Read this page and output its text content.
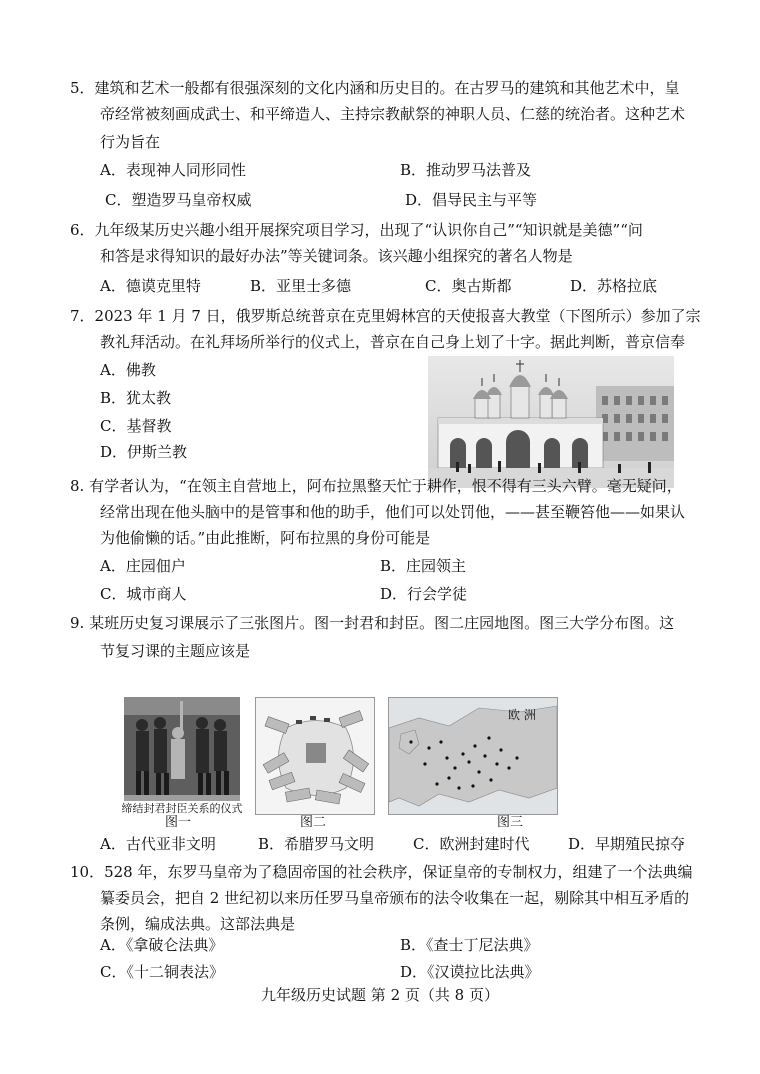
5．建筑和艺术一般都有很强深刻的文化内涵和历史目的。在古罗马的建筑和其他艺术中，皇
帝经常被刻画成武士、和平缔造人、主持宗教献祭的神职人员、仁慈的统治者。这种艺术
行为旨在
A．表现神人同形同性	B．推动罗马法普及
C．塑造罗马皇帝权威	D．倡导民主与平等
6．九年级某历史兴趣小组开展探究项目学习，出现了“认识你自己”“知识就是美德”“问
和答是求得知识的最好办法”等关键词条。该兴趣小组探究的著名人物是
A．德谟克里特	B．亚里士多德	C．奥古斯都	D．苏格拉底
7．2023 年 1 月 7 日，俄罗斯总统普京在克里姆林宫的天使报喜大教堂（下图所示）参加了宗
教礼拜活动。在礼拜场所举行的仪式上，普京在自己身上划了十字。据此判断，普京信奉
A．佛教
B．犹太教
C．基督教
D．伊斯兰教
8. 有学者认为，“在领主自营地上，阿布拉黑整天忙于耕作，恨不得有三头六臂。毫无疑问，
经常出现在他头脑中的是管事和他的助手，他们可以处罚他，——甚至鞭笞他——如果认
为他偷懒的话。”由此推断，阿布拉黑的身份可能是
A．庄园佃户	B．庄园领主
C．城市商人	D．行会学徒
9. 某班历史复习课展示了三张图片。图一封君和封臣。图二庄园地图。图三大学分布图。这
节复习课的主题应该是
缔结封君封臣关系的仪式
欧 洲
图一	图二	图三
A．古代亚非文明	B．希腊罗马文明	C．欧洲封建时代	D．早期殖民掠夺
10．528 年，东罗马皇帝为了稳固帝国的社会秩序，保证皇帝的专制权力，组建了一个法典编
纂委员会，把自 2 世纪初以来历任罗马皇帝颁布的法令收集在一起，剔除其中相互矛盾的
条例，编成法典。这部法典是
A．《拿破仑法典》	B．《查士丁尼法典》
C．《十二铜表法》	D．《汉谟拉比法典》
九年级历史试题 第 2 页（共 8 页）
